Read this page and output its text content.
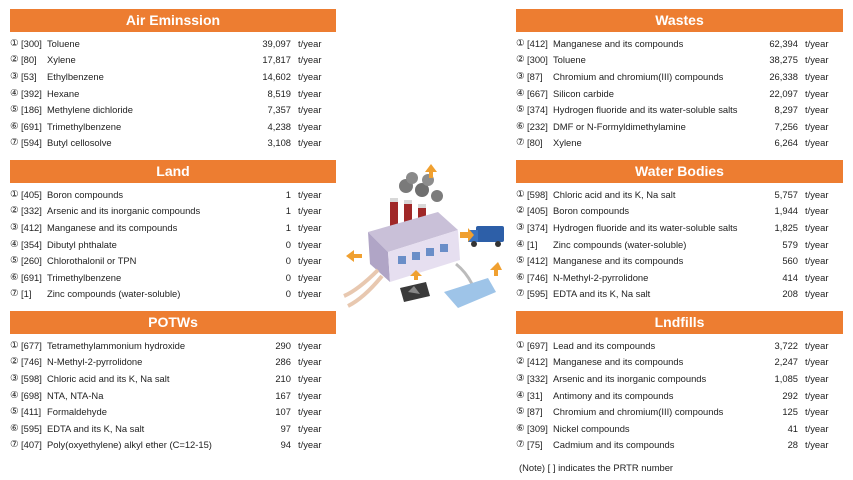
Air Eminssion
① [300] Toluene	39,097 t/year
② [80]	Xylene	17,817 t/year
③ [53]	Ethylbenzene	14,602 t/year
④ [392] Hexane	8,519 t/year
⑤ [186] Methylene dichloride	7,357 t/year
⑥ [691] Trimethylbenzene	4,238 t/year
⑦ [594] Butyl cellosolve	3,108 t/year
Land
① [405] Boron compounds	1 t/year
② [332] Arsenic and its inorganic compounds	1 t/year
③ [412] Manganese and its compounds	1 t/year
④ [354] Dibutyl phthalate	0 t/year
⑤ [260] Chlorothalonil or TPN	0 t/year
⑥ [691] Trimethylbenzene	0 t/year
⑦ [1]	Zinc compounds (water-soluble)	0 t/year
POTWs
① [677] Tetramethylammonium hydroxide	290 t/year
② [746] N-Methyl-2-pyrrolidone	286 t/year
③ [598] Chloric acid and its K, Na salt	210 t/year
④ [698] NTA, NTA-Na	167 t/year
⑤ [411] Formaldehyde	107 t/year
⑥ [595] EDTA and its K, Na salt	97 t/year
⑦ [407] Poly(oxyethylene) alkyl ether (C=12-15)	94 t/year
Wastes
① [412] Manganese and its compounds	62,394 t/year
② [300] Toluene	38,275 t/year
③ [87]	Chromium and chromium(III) compounds	26,338 t/year
④ [667] Silicon carbide	22,097 t/year
⑤ [374] Hydrogen fluoride and its water-soluble salts	8,297 t/year
⑥ [232] DMF or N-Formyldimethylamine	7,256 t/year
⑦ [80]	Xylene	6,264 t/year
Water Bodies
① [598] Chloric acid and its K, Na salt	5,757 t/year
② [405] Boron compounds	1,944 t/year
③ [374] Hydrogen fluoride and its water-soluble salts	1,825 t/year
④ [1]	Zinc compounds (water-soluble)	579 t/year
⑤ [412] Manganese and its compounds	560 t/year
⑥ [746] N-Methyl-2-pyrrolidone	414 t/year
⑦ [595] EDTA and its K, Na salt	208 t/year
Lndfills
① [697] Lead and its compounds	3,722 t/year
② [412] Manganese and its compounds	2,247 t/year
③ [332] Arsenic and its inorganic compounds	1,085 t/year
④ [31]	Antimony and its compounds	292 t/year
⑤ [87]	Chromium and chromium(III) compounds	125 t/year
⑥ [309] Nickel compounds	41 t/year
⑦ [75]	Cadmium and its compounds	28 t/year
(Note) [ ] indicates the PRTR number
